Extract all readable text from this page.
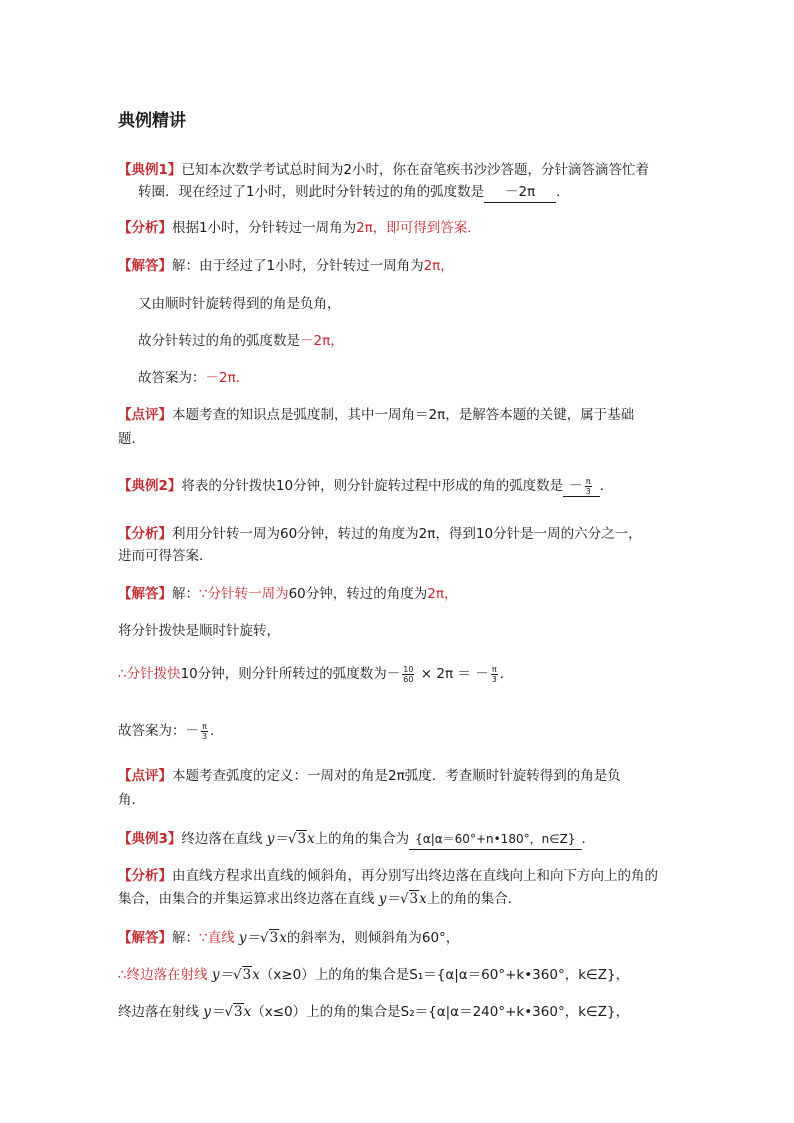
典例精讲
【典例1】已知本次数学考试总时间为2小时，你在奋笔疾书沙沙答题，分针滴答滴答忙着
转圈．现在经过了1小时，则此时分针转过的角的弧度数是 －2π ．
【分析】根据1小时，分针转过一周角为2π，即可得到答案．
【解答】解：由于经过了1小时，分针转过一周角为2π，
又由顺时针旋转得到的角是负角，
故分针转过的角的弧度数是－2π，
故答案为：－2π．
【点评】本题考查的知识点是弧度制，其中一周角＝2π，是解答本题的关键，属于基础
题．
【典例2】将表的分针拨快10分钟，则分针旋转过程中形成的角的弧度数是 － $\frac{\pi}{3}$ ．
【分析】利用分针转一周为60分钟，转过的角度为2π，得到10分针是一周的六分之一，
进而可得答案．
【解答】解：∵分针转一周为60分钟，转过的角度为2π，
将分针拨快是顺时针旋转，
∴分针拨快10分钟，则分针所转过的弧度数为－ $\frac{10}{60} \times 2\pi$ ＝ － $\frac{\pi}{3}$ ．
故答案为：－ $\frac{\pi}{3}$ ．
【点评】本题考查弧度的定义：一周对的角是2π弧度．考查顺时针旋转得到的角是负
角．
【典例3】终边落在直线 y＝√3x上的角的集合为 {α|α＝60°+n•180°，n∈Z} ．
【分析】由直线方程求出直线的倾斜角，再分别写出终边落在直线向上和向下方向上的角的
集合，由集合的并集运算求出终边落在直线 y＝√3x上的角的集合．
【解答】解：∵直线 y＝√3x的斜率为，则倾斜角为60°，
∴终边落在射线 y＝√3x（x≥0）上的角的集合是S₁＝{α|α＝60°+k•360°，k∈Z}，
终边落在射线 y＝√3x（x≤0）上的角的集合是S₂＝{α|α＝240°+k•360°，k∈Z}，
